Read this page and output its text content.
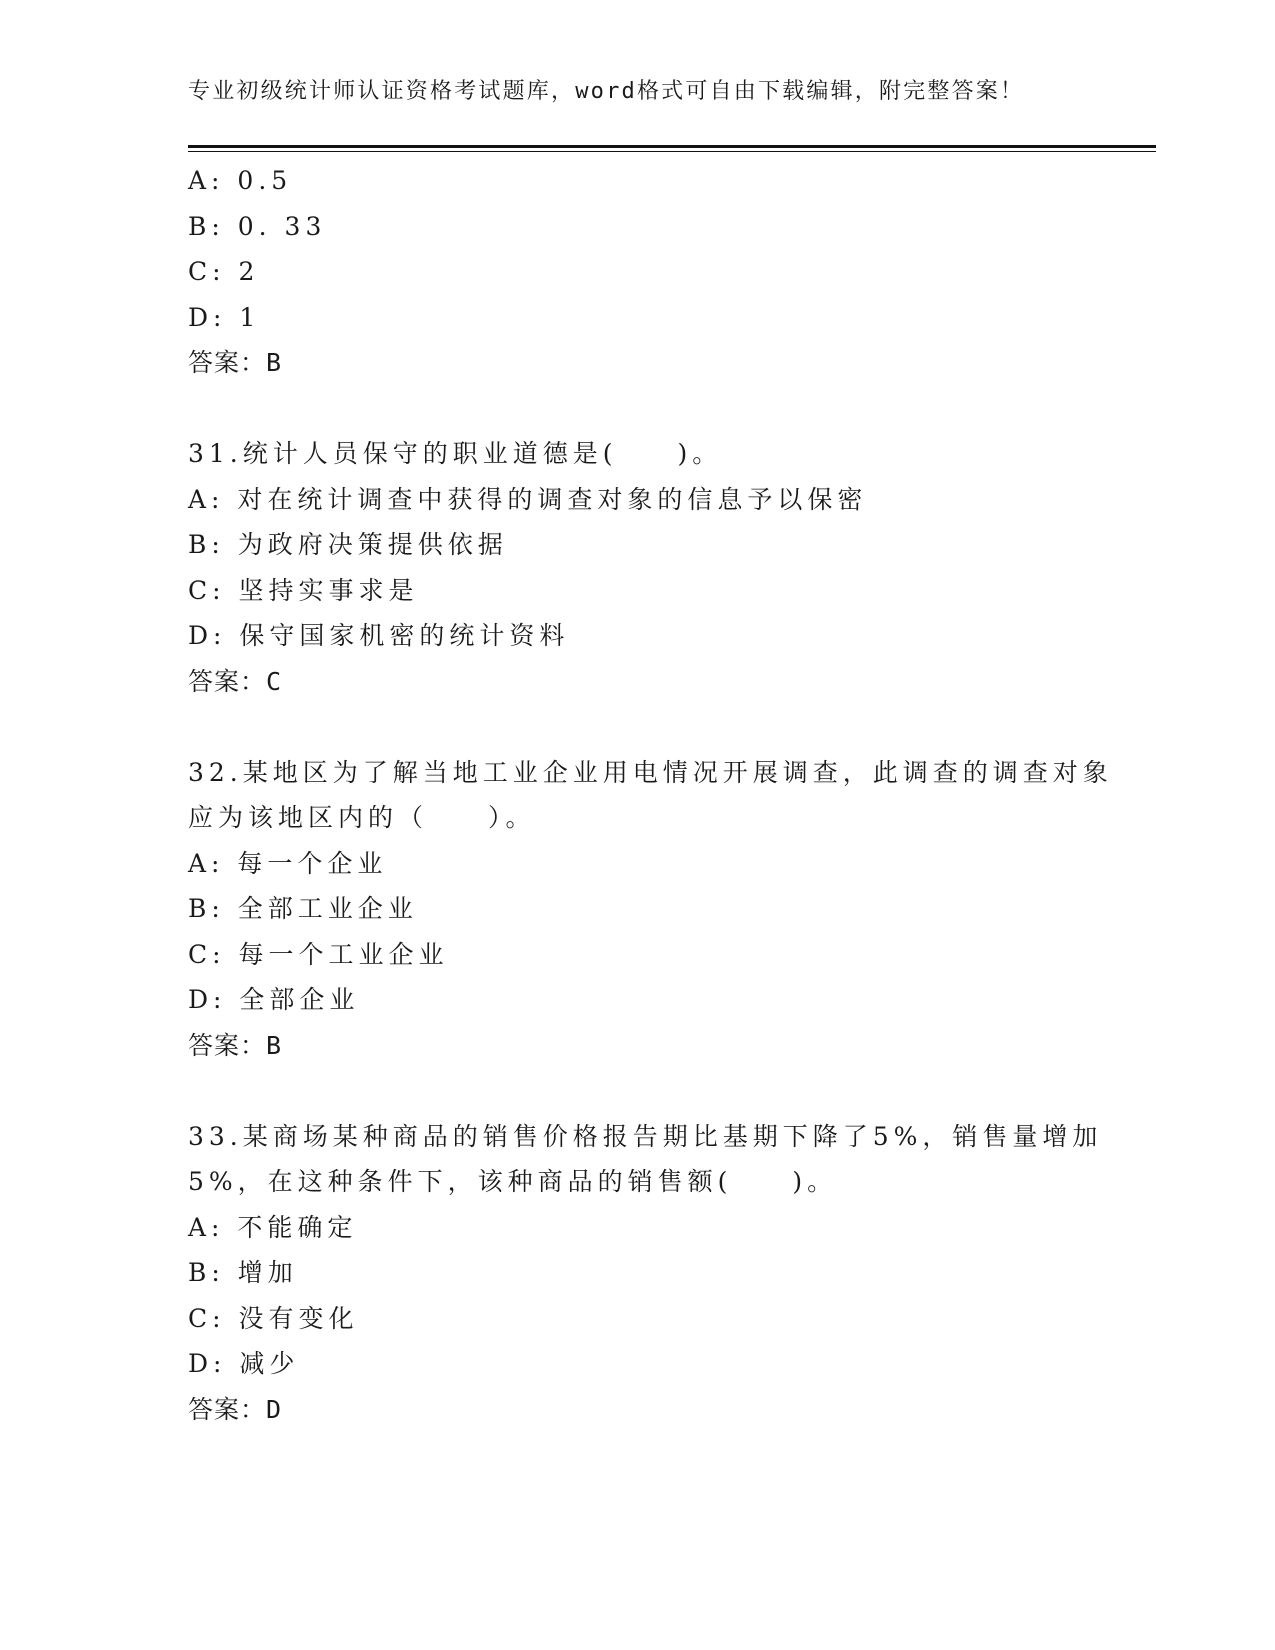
专业初级统计师认证资格考试题库，word格式可自由下载编辑，附完整答案！
A: 0.5
B: 0. 33
C: 2
D: 1
答案：B
31.统计人员保守的职业道德是(　　)。
A: 对在统计调查中获得的调查对象的信息予以保密
B: 为政府决策提供依据
C: 坚持实事求是
D: 保守国家机密的统计资料
答案：C
32.某地区为了解当地工业企业用电情况开展调查，此调查的调查对象
应为该地区内的（　　）。
A: 每一个企业
B: 全部工业企业
C: 每一个工业企业
D: 全部企业
答案：B
33.某商场某种商品的销售价格报告期比基期下降了5%，销售量增加
5%，在这种条件下，该种商品的销售额(　　)。
A: 不能确定
B: 增加
C: 没有变化
D: 减少
答案：D
